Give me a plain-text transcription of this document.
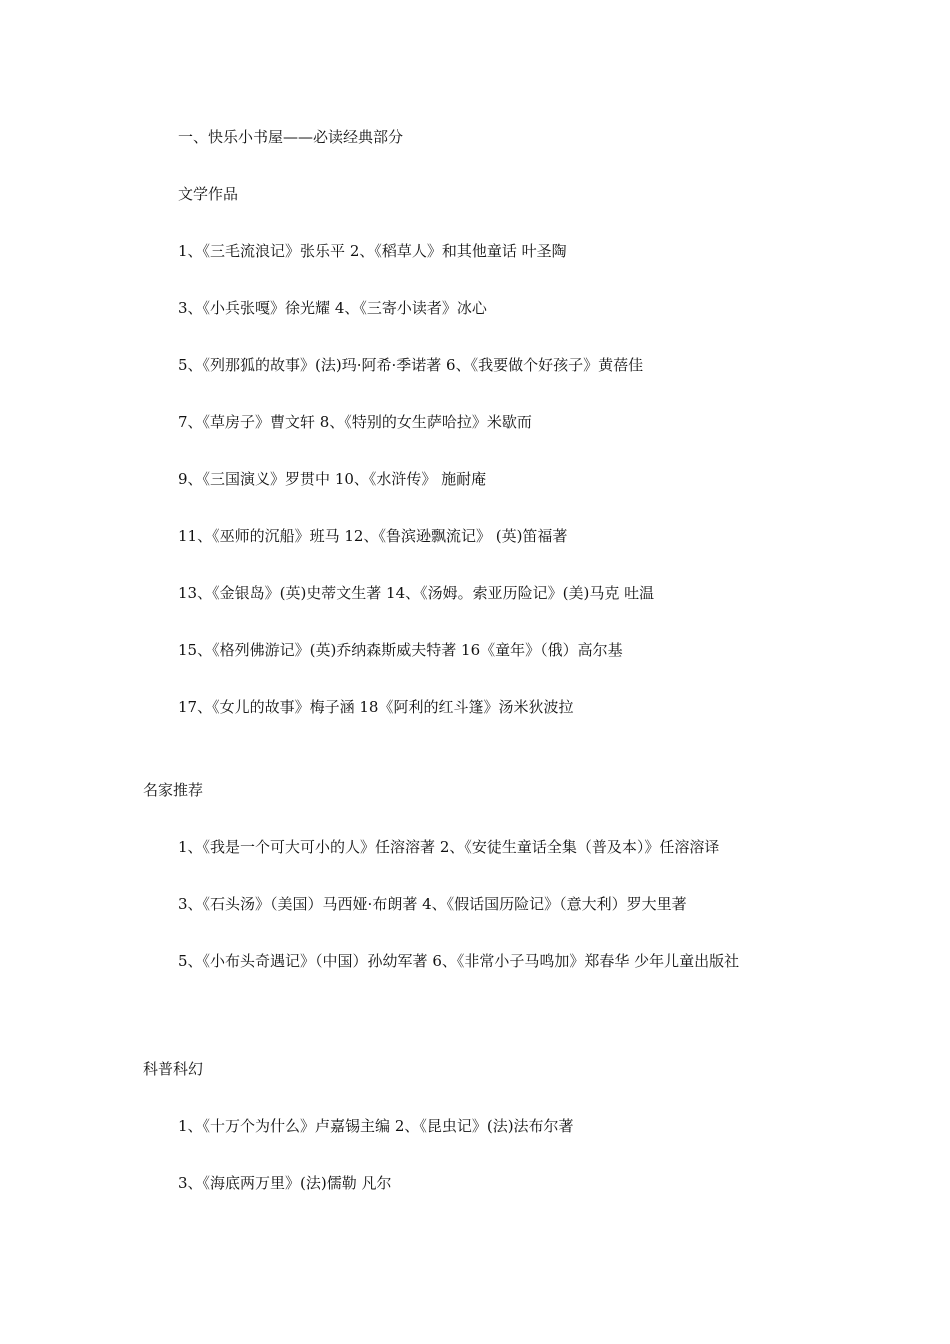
一、快乐小书屋——必读经典部分
文学作品
1、《三毛流浪记》张乐平 2、《稻草人》和其他童话 叶圣陶
3、《小兵张嘎》徐光耀 4、《三寄小读者》冰心
5、《列那狐的故事》(法)玛·阿希·季诺著 6、《我要做个好孩子》黄蓓佳
7、《草房子》曹文轩 8、《特别的女生萨哈拉》米歇而
9、《三国演义》罗贯中 10、《水浒传》 施耐庵
11、《巫师的沉船》班马 12、《鲁滨逊飘流记》 (英)笛福著
13、《金银岛》(英)史蒂文生著 14、《汤姆。索亚历险记》(美)马克 吐温
15、《格列佛游记》(英)乔纳森斯威夫特著 16《童年》（俄）高尔基
17、《女儿的故事》梅子涵 18《阿利的红斗篷》汤米狄波拉
名家推荐
1、《我是一个可大可小的人》任溶溶著 2、《安徒生童话全集（普及本）》任溶溶译
3、《石头汤》（美国）马西娅·布朗著 4、《假话国历险记》（意大利）罗大里著
5、《小布头奇遇记》（中国）孙幼军著 6、《非常小子马鸣加》郑春华 少年儿童出版社
科普科幻
1、《十万个为什么》卢嘉锡主编 2、《昆虫记》(法)法布尔著
3、《海底两万里》(法)儒勒 凡尔
